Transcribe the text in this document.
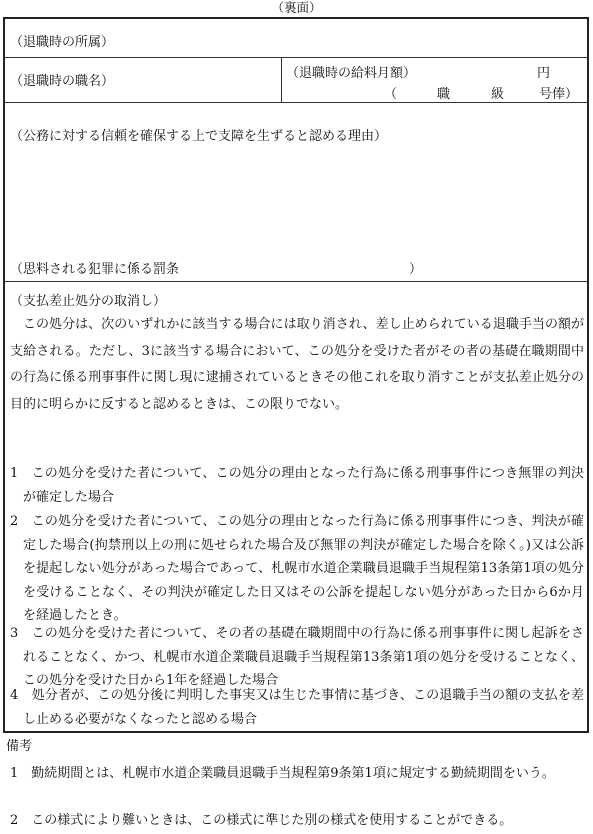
（裏面）
（退職時の所属）
（退職時の職名）
（退職時の給料月額）	円
（	職	級	号俸）
（公務に対する信頼を確保する上で支障を生ずると認める理由）
（思料される犯罪に係る罰条	）
（支払差止処分の取消し）
この処分は、次のいずれかに該当する場合には取り消され、差し止められている退職手当の額が支給される。ただし、3に該当する場合において、この処分を受けた者がその者の基礎在職期間中の行為に係る刑事事件に関し現に逮捕されているときその他これを取り消すことが支払差止処分の目的に明らかに反すると認めるときは、この限りでない。
1　この処分を受けた者について、この処分の理由となった行為に係る刑事事件につき無罪の判決が確定した場合
2　この処分を受けた者について、この処分の理由となった行為に係る刑事事件につき、判決が確定した場合(拘禁刑以上の刑に処せられた場合及び無罪の判決が確定した場合を除く。)又は公訴を提起しない処分があった場合であって、札幌市水道企業職員退職手当規程第13条第1項の処分を受けることなく、その判決が確定した日又はその公訴を提起しない処分があった日から6か月を経過したとき。
3　この処分を受けた者について、その者の基礎在職期間中の行為に係る刑事事件に関し起訴をされることなく、かつ、札幌市水道企業職員退職手当規程第13条第1項の処分を受けることなく、この処分を受けた日から1年を経過した場合
4　処分者が、この処分後に判明した事実又は生じた事情に基づき、この退職手当の額の支払を差し止める必要がなくなったと認める場合
備考
1　勤続期間とは、札幌市水道企業職員退職手当規程第9条第1項に規定する勤続期間をいう。
2　この様式により難いときは、この様式に準じた別の様式を使用することができる。
